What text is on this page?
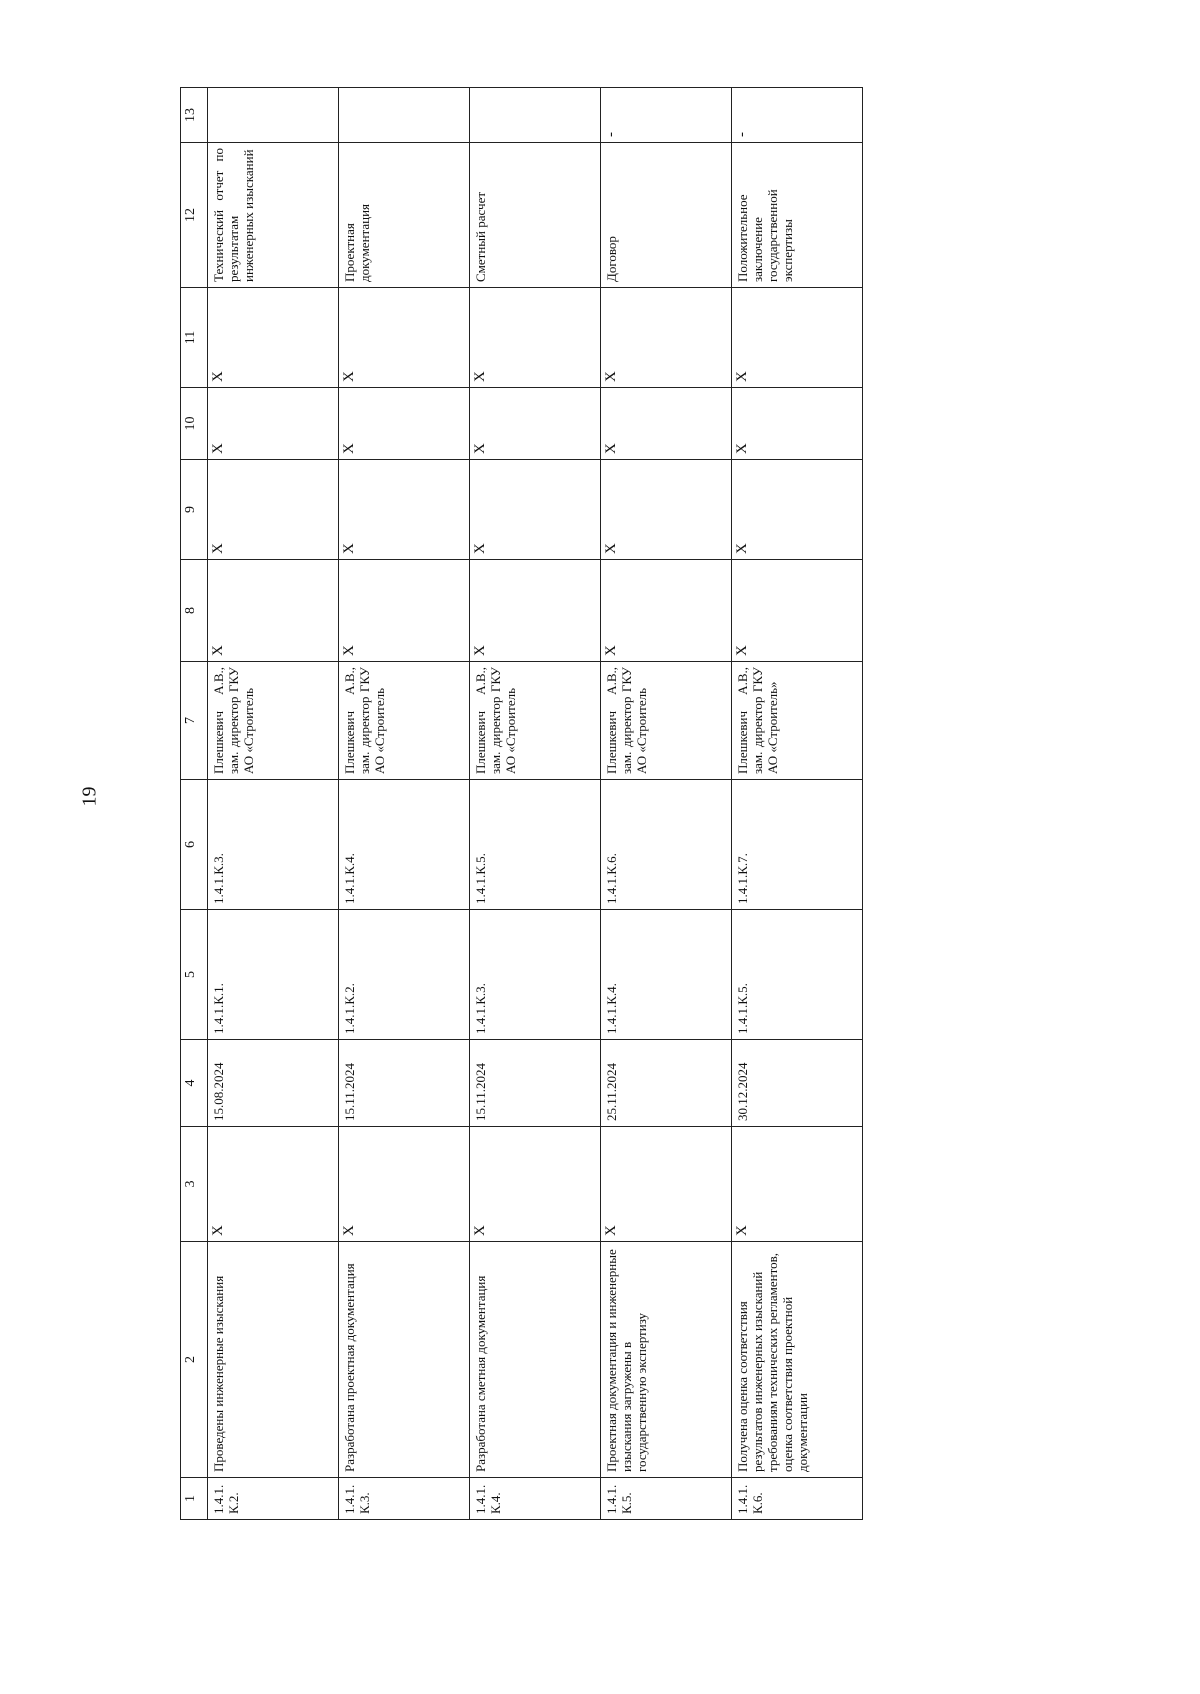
19
1	2	3	4	5	6	7	8	9	10	11	12	13
1.4.1.К.2.	Проведены инженерные изыскания	Х	15.08.2024	1.4.1.К.1.	1.4.1.К.3.	Плешкевич А.В., зам. директор ГКУ АО «Строитель	Х	Х	Х	Х	Технический отчет по результатам инженерных изысканий	
1.4.1.К.3.	Разработана проектная документация	Х	15.11.2024	1.4.1.К.2.	1.4.1.К.4.	Плешкевич А.В., зам. директор ГКУ АО «Строитель	Х	Х	Х	Х	Проектная документация	
1.4.1.К.4.	Разработана сметная документация	Х	15.11.2024	1.4.1.К.3.	1.4.1.К.5.	Плешкевич А.В., зам. директор ГКУ АО «Строитель	Х	Х	Х	Х	Сметный расчет	
1.4.1.К.5.	Проектная документация и инженерные изыскания загружены в государственную экспертизу	Х	25.11.2024	1.4.1.К.4.	1.4.1.К.6.	Плешкевич А.В., зам. директор ГКУ АО «Строитель	Х	Х	Х	Х	Договор	-
1.4.1.К.6.	Получена оценка соответствия результатов инженерных изысканий требованиям технических регламентов, оценка соответствия проектной документации	Х	30.12.2024	1.4.1.К.5.	1.4.1.К.7.	Плешкевич А.В., зам. директор ГКУ АО «Строитель»	Х	Х	Х	Х	Положительное заключение государственной экспертизы	-
